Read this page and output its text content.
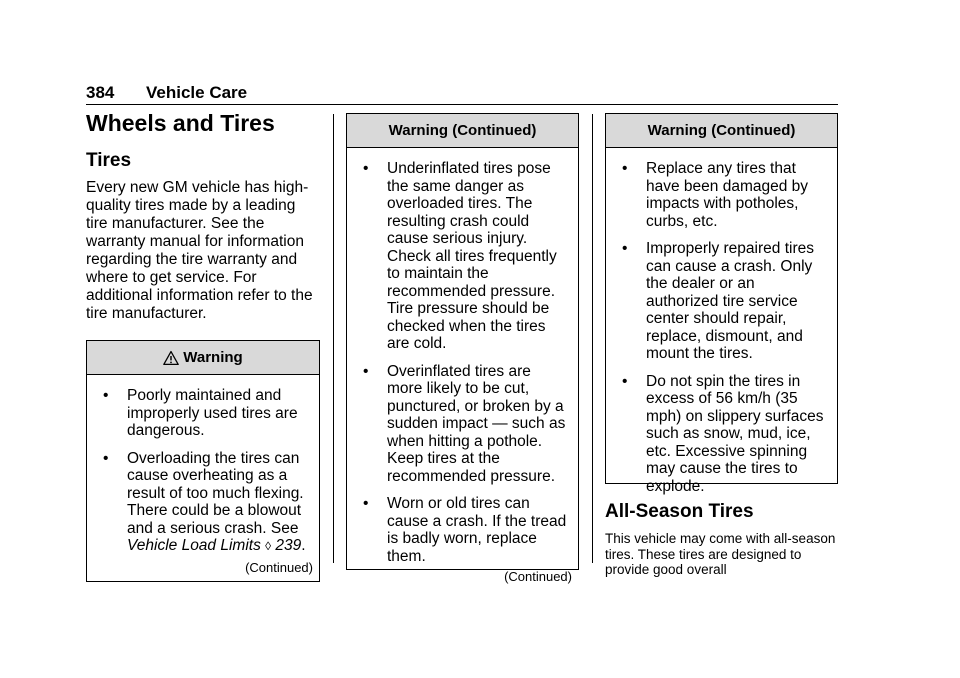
384 Vehicle Care
Wheels and Tires
Tires

Every new GM vehicle has high-quality tires made by a leading tire manufacturer. See the warranty manual for information regarding the tire warranty and where to get service. For additional information refer to the tire manufacturer.

Warning
• Poorly maintained and improperly used tires are dangerous.
• Overloading the tires can cause overheating as a result of too much flexing. There could be a blowout and a serious crash. See Vehicle Load Limits ◊ 239.
(Continued)
Warning (Continued)
• Underinflated tires pose the same danger as overloaded tires. The resulting crash could cause serious injury. Check all tires frequently to maintain the recommended pressure. Tire pressure should be checked when the tires are cold.
• Overinflated tires are more likely to be cut, punctured, or broken by a sudden impact — such as when hitting a pothole. Keep tires at the recommended pressure.
• Worn or old tires can cause a crash. If the tread is badly worn, replace them.
(Continued)
Warning (Continued)
• Replace any tires that have been damaged by impacts with potholes, curbs, etc.
• Improperly repaired tires can cause a crash. Only the dealer or an authorized tire service center should repair, replace, dismount, and mount the tires.
• Do not spin the tires in excess of 56 km/h (35 mph) on slippery surfaces such as snow, mud, ice, etc. Excessive spinning may cause the tires to explode.
All-Season Tires

This vehicle may come with all-season tires. These tires are designed to provide good overall
